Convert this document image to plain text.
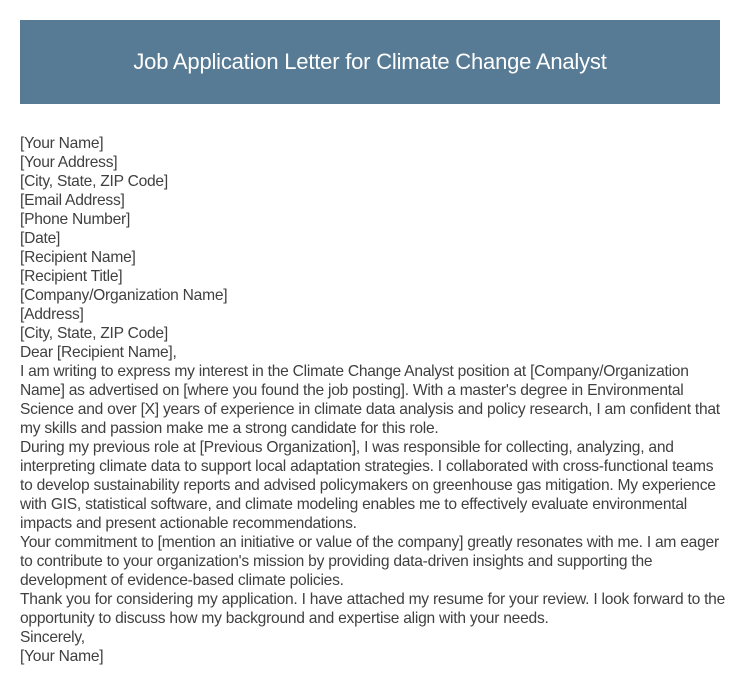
Job Application Letter for Climate Change Analyst
[Your Name]
[Your Address]
[City, State, ZIP Code]
[Email Address]
[Phone Number]
[Date]
[Recipient Name]
[Recipient Title]
[Company/Organization Name]
[Address]
[City, State, ZIP Code]
Dear [Recipient Name],

I am writing to express my interest in the Climate Change Analyst position at [Company/Organization Name] as advertised on [where you found the job posting]. With a master's degree in Environmental Science and over [X] years of experience in climate data analysis and policy research, I am confident that my skills and passion make me a strong candidate for this role.

During my previous role at [Previous Organization], I was responsible for collecting, analyzing, and interpreting climate data to support local adaptation strategies. I collaborated with cross-functional teams to develop sustainability reports and advised policymakers on greenhouse gas mitigation. My experience with GIS, statistical software, and climate modeling enables me to effectively evaluate environmental impacts and present actionable recommendations.

Your commitment to [mention an initiative or value of the company] greatly resonates with me. I am eager to contribute to your organization's mission by providing data-driven insights and supporting the development of evidence-based climate policies.

Thank you for considering my application. I have attached my resume for your review. I look forward to the opportunity to discuss how my background and expertise align with your needs.

Sincerely,
[Your Name]
